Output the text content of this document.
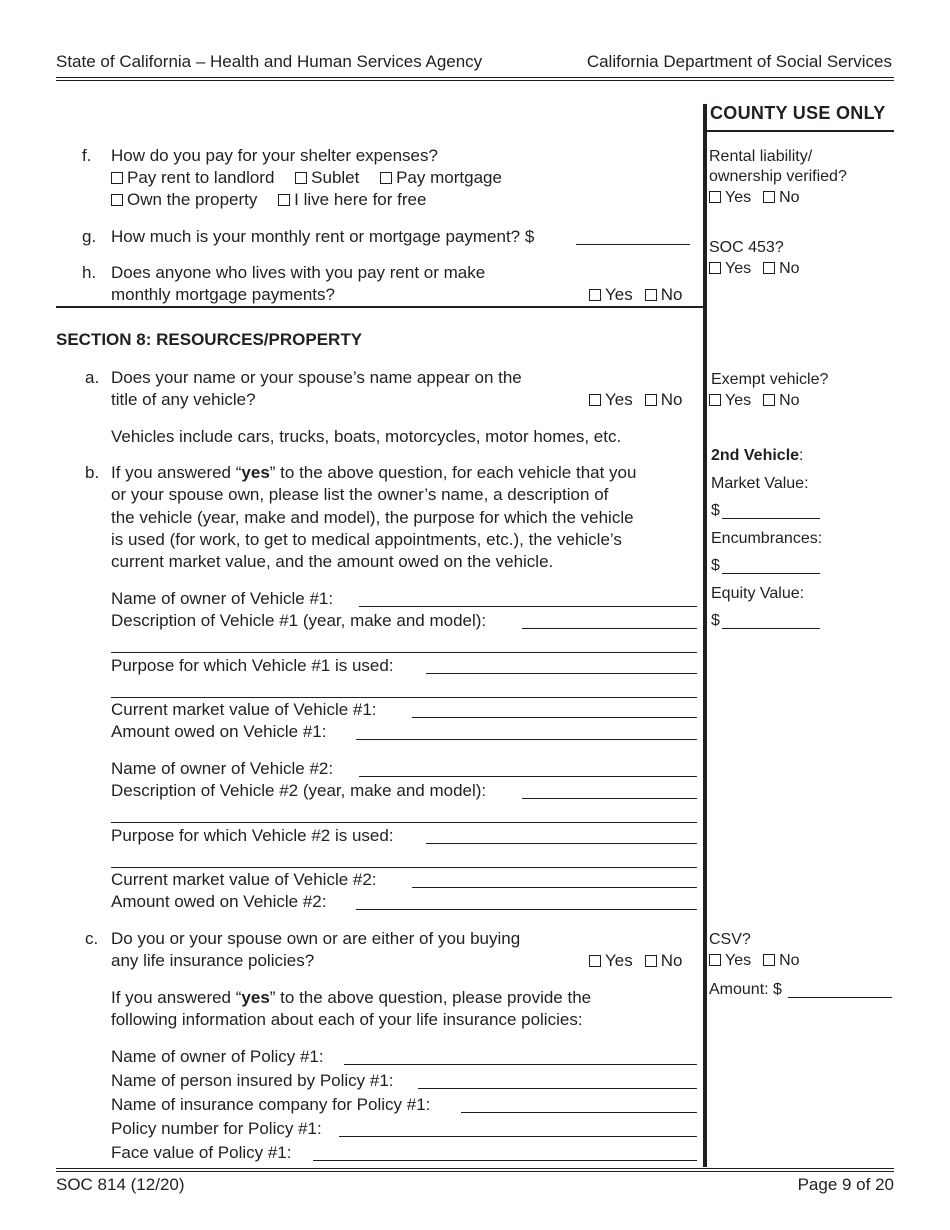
State of California – Health and Human Services Agency	California Department of Social Services
COUNTY USE ONLY
Rental liability/
ownership verified?
Yes No
SOC 453?
Yes No
Exempt vehicle?
Yes No
2nd Vehicle:
Market Value:
$
Encumbrances:
$
Equity Value:
$
CSV?
Yes No
Amount: $
f. How do you pay for your shelter expenses?
Pay rent to landlord Sublet Pay mortgage
Own the property I live here for free
g. How much is your monthly rent or mortgage payment? $
h. Does anyone who lives with you pay rent or make
monthly mortgage payments?	Yes No
SECTION 8: RESOURCES/PROPERTY
a. Does your name or your spouse’s name appear on the
title of any vehicle?	Yes No
Vehicles include cars, trucks, boats, motorcycles, motor homes, etc.
b. If you answered “yes” to the above question, for each vehicle that you
or your spouse own, please list the owner’s name, a description of
the vehicle (year, make and model), the purpose for which the vehicle
is used (for work, to get to medical appointments, etc.), the vehicle’s
current market value, and the amount owed on the vehicle.
Name of owner of Vehicle #1:
Description of Vehicle #1 (year, make and model):
Purpose for which Vehicle #1 is used:
Current market value of Vehicle #1:
Amount owed on Vehicle #1:
Name of owner of Vehicle #2:
Description of Vehicle #2 (year, make and model):
Purpose for which Vehicle #2 is used:
Current market value of Vehicle #2:
Amount owed on Vehicle #2:
c. Do you or your spouse own or are either of you buying
any life insurance policies?	Yes No
If you answered “yes” to the above question, please provide the
following information about each of your life insurance policies:
Name of owner of Policy #1:
Name of person insured by Policy #1:
Name of insurance company for Policy #1:
Policy number for Policy #1:
Face value of Policy #1:
SOC 814 (12/20)	Page 9 of 20
